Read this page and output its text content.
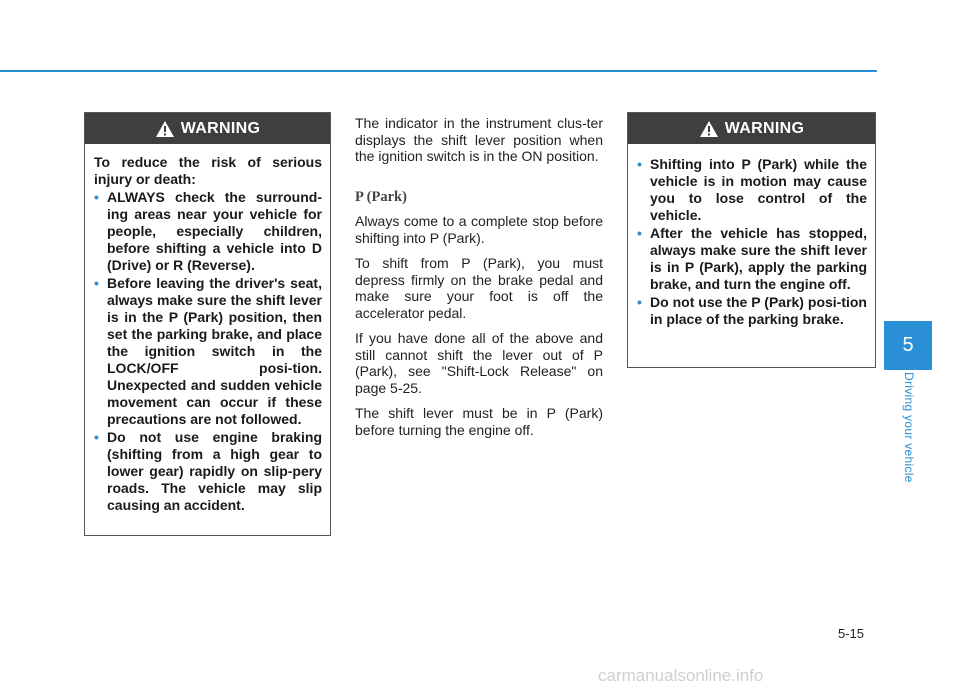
WARNING

To reduce the risk of serious injury or death:

• ALWAYS check the surround-ing areas near your vehicle for people, especially children, before shifting a vehicle into D (Drive) or R (Reverse).
• Before leaving the driver's seat, always make sure the shift lever is in the P (Park) position, then set the parking brake, and place the ignition switch in the LOCK/OFF posi-tion. Unexpected and sudden vehicle movement can occur if these precautions are not followed.
• Do not use engine braking (shifting from a high gear to lower gear) rapidly on slip-pery roads. The vehicle may slip causing an accident.

The indicator in the instrument clus-ter displays the shift lever position when the ignition switch is in the ON position.

P (Park)

Always come to a complete stop before shifting into P (Park).

To shift from P (Park), you must depress firmly on the brake pedal and make sure your foot is off the accelerator pedal.

If you have done all of the above and still cannot shift the lever out of P (Park), see "Shift-Lock Release" on page 5-25.

The shift lever must be in P (Park) before turning the engine off.

WARNING
• Shifting into P (Park) while the vehicle is in motion may cause you to lose control of the vehicle.
• After the vehicle has stopped, always make sure the shift lever is in P (Park), apply the parking brake, and turn the engine off.
• Do not use the P (Park) posi-tion in place of the parking brake.
5
Driving your vehicle
5-15
carmanualsonline.info
